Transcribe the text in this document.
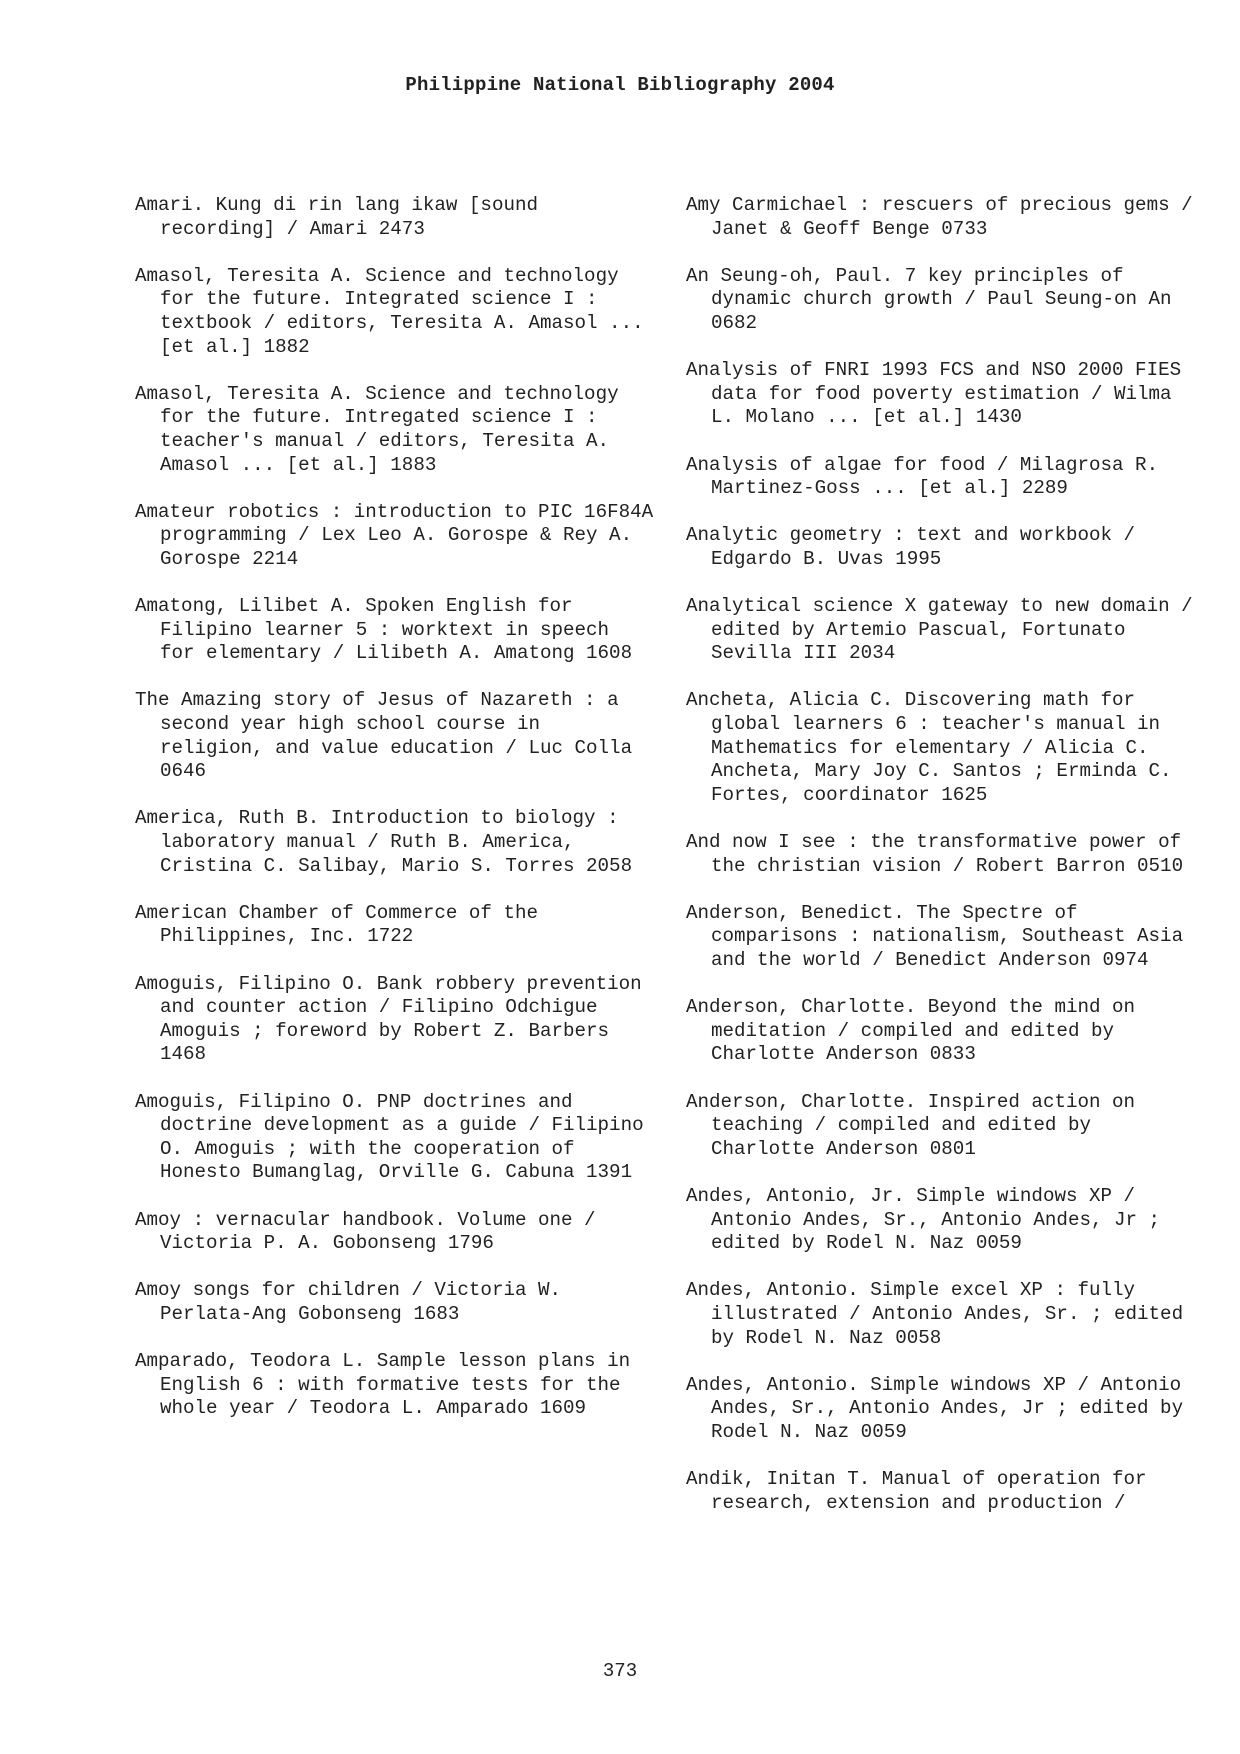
Philippine National Bibliography 2004

Amari. Kung di rin lang ikaw [sound recording] / Amari 2473

Amasol, Teresita A. Science and technology for the future. Integrated science I : textbook / editors, Teresita A. Amasol ... [et al.] 1882

Amasol, Teresita A. Science and technology for the future. Intregated science I : teacher's manual / editors, Teresita A. Amasol ... [et al.] 1883

Amateur robotics : introduction to PIC 16F84A programming / Lex Leo A. Gorospe & Rey A. Gorospe 2214

Amatong, Lilibet A. Spoken English for Filipino learner 5 : worktext in speech for elementary / Lilibeth A. Amatong 1608

The Amazing story of Jesus of Nazareth : a second year high school course in religion, and value education / Luc Colla 0646

America, Ruth B. Introduction to biology : laboratory manual / Ruth B. America, Cristina C. Salibay, Mario S. Torres 2058

American Chamber of Commerce of the Philippines, Inc. 1722

Amoguis, Filipino O. Bank robbery prevention and counter action / Filipino Odchigue Amoguis ; foreword by Robert Z. Barbers 1468

Amoguis, Filipino O. PNP doctrines and doctrine development as a guide / Filipino O. Amoguis ; with the cooperation of Honesto Bumanglag, Orville G. Cabuna 1391

Amoy : vernacular handbook. Volume one / Victoria P. A. Gobonseng 1796

Amoy songs for children / Victoria W. Perlata-Ang Gobonseng 1683

Amparado, Teodora L. Sample lesson plans in English 6 : with formative tests for the whole year / Teodora L. Amparado 1609

Amy Carmichael : rescuers of precious gems / Janet & Geoff Benge 0733

An Seung-oh, Paul. 7 key principles of dynamic church growth / Paul Seung-on An 0682

Analysis of FNRI 1993 FCS and NSO 2000 FIES data for food poverty estimation / Wilma L. Molano ... [et al.] 1430

Analysis of algae for food / Milagrosa R. Martinez-Goss ... [et al.] 2289

Analytic geometry : text and workbook / Edgardo B. Uvas 1995

Analytical science X gateway to new domain / edited by Artemio Pascual, Fortunato Sevilla III 2034

Ancheta, Alicia C. Discovering math for global learners 6 : teacher's manual in Mathematics for elementary / Alicia C. Ancheta, Mary Joy C. Santos ; Erminda C. Fortes, coordinator 1625

And now I see : the transformative power of the christian vision / Robert Barron 0510

Anderson, Benedict. The Spectre of comparisons : nationalism, Southeast Asia and the world / Benedict Anderson 0974

Anderson, Charlotte. Beyond the mind on meditation / compiled and edited by Charlotte Anderson 0833

Anderson, Charlotte. Inspired action on teaching / compiled and edited by Charlotte Anderson 0801

Andes, Antonio, Jr. Simple windows XP / Antonio Andes, Sr., Antonio Andes, Jr ; edited by Rodel N. Naz 0059

Andes, Antonio. Simple excel XP : fully illustrated / Antonio Andes, Sr. ; edited by Rodel N. Naz 0058

Andes, Antonio. Simple windows XP / Antonio Andes, Sr., Antonio Andes, Jr ; edited by Rodel N. Naz 0059

Andik, Initan T. Manual of operation for research, extension and production /

373
